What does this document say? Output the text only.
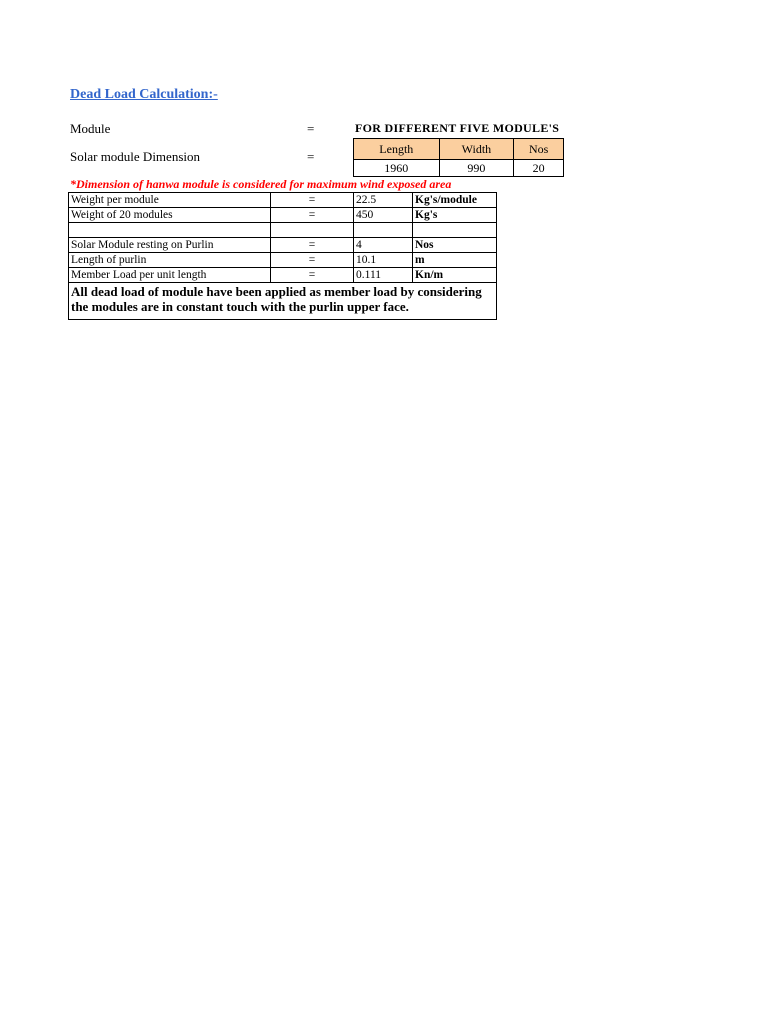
Dead Load Calculation:-
Module	=	FOR DIFFERENT FIVE MODULE'S
Solar module Dimension	=
Length	Width	Nos
1960	990	20
*Dimension of hanwa module is considered for maximum wind exposed area
Weight per module	=	22.5	Kg's/module
Weight of 20 modules	=	450	Kg's

Solar Module resting on Purlin	=	4	Nos
Length of purlin	=	10.1	m
Member Load per unit length	=	0.111	Kn/m
All dead load of module have been applied as member load by considering the modules are in constant touch with the purlin upper face.			
